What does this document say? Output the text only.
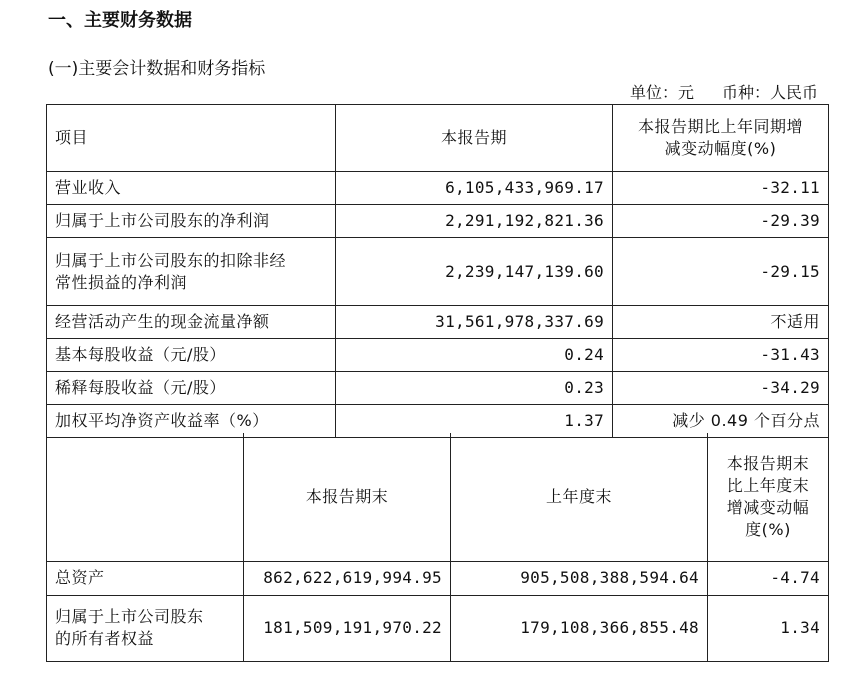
一、主要财务数据
(一)主要会计数据和财务指标
单位：元 币种：人民币
项目	本报告期	本报告期比上年同期增
减变动幅度(%)

营业收入	6,105,433,969.17	-32.11
归属于上市公司股东的净利润	2,291,192,821.36	-29.39

归属于上市公司股东的扣除非经
常性损益的净利润	2,239,147,139.60	-29.15
经营活动产生的现金流量净额	31,561,978,337.69	不适用
基本每股收益（元/股）	0.24	-31.43
稀释每股收益（元/股）	0.23	-34.29
加权平均净资产收益率（%）	1.37	减少 0.49 个百分点
	本报告期末	上年度末	本报告期末
比上年度末
增减变动幅
度(%)

总资产	862,622,619,994.95	905,508,388,594.64	-4.74

归属于上市公司股东
的所有者权益	181,509,191,970.22	179,108,366,855.48	1.34
